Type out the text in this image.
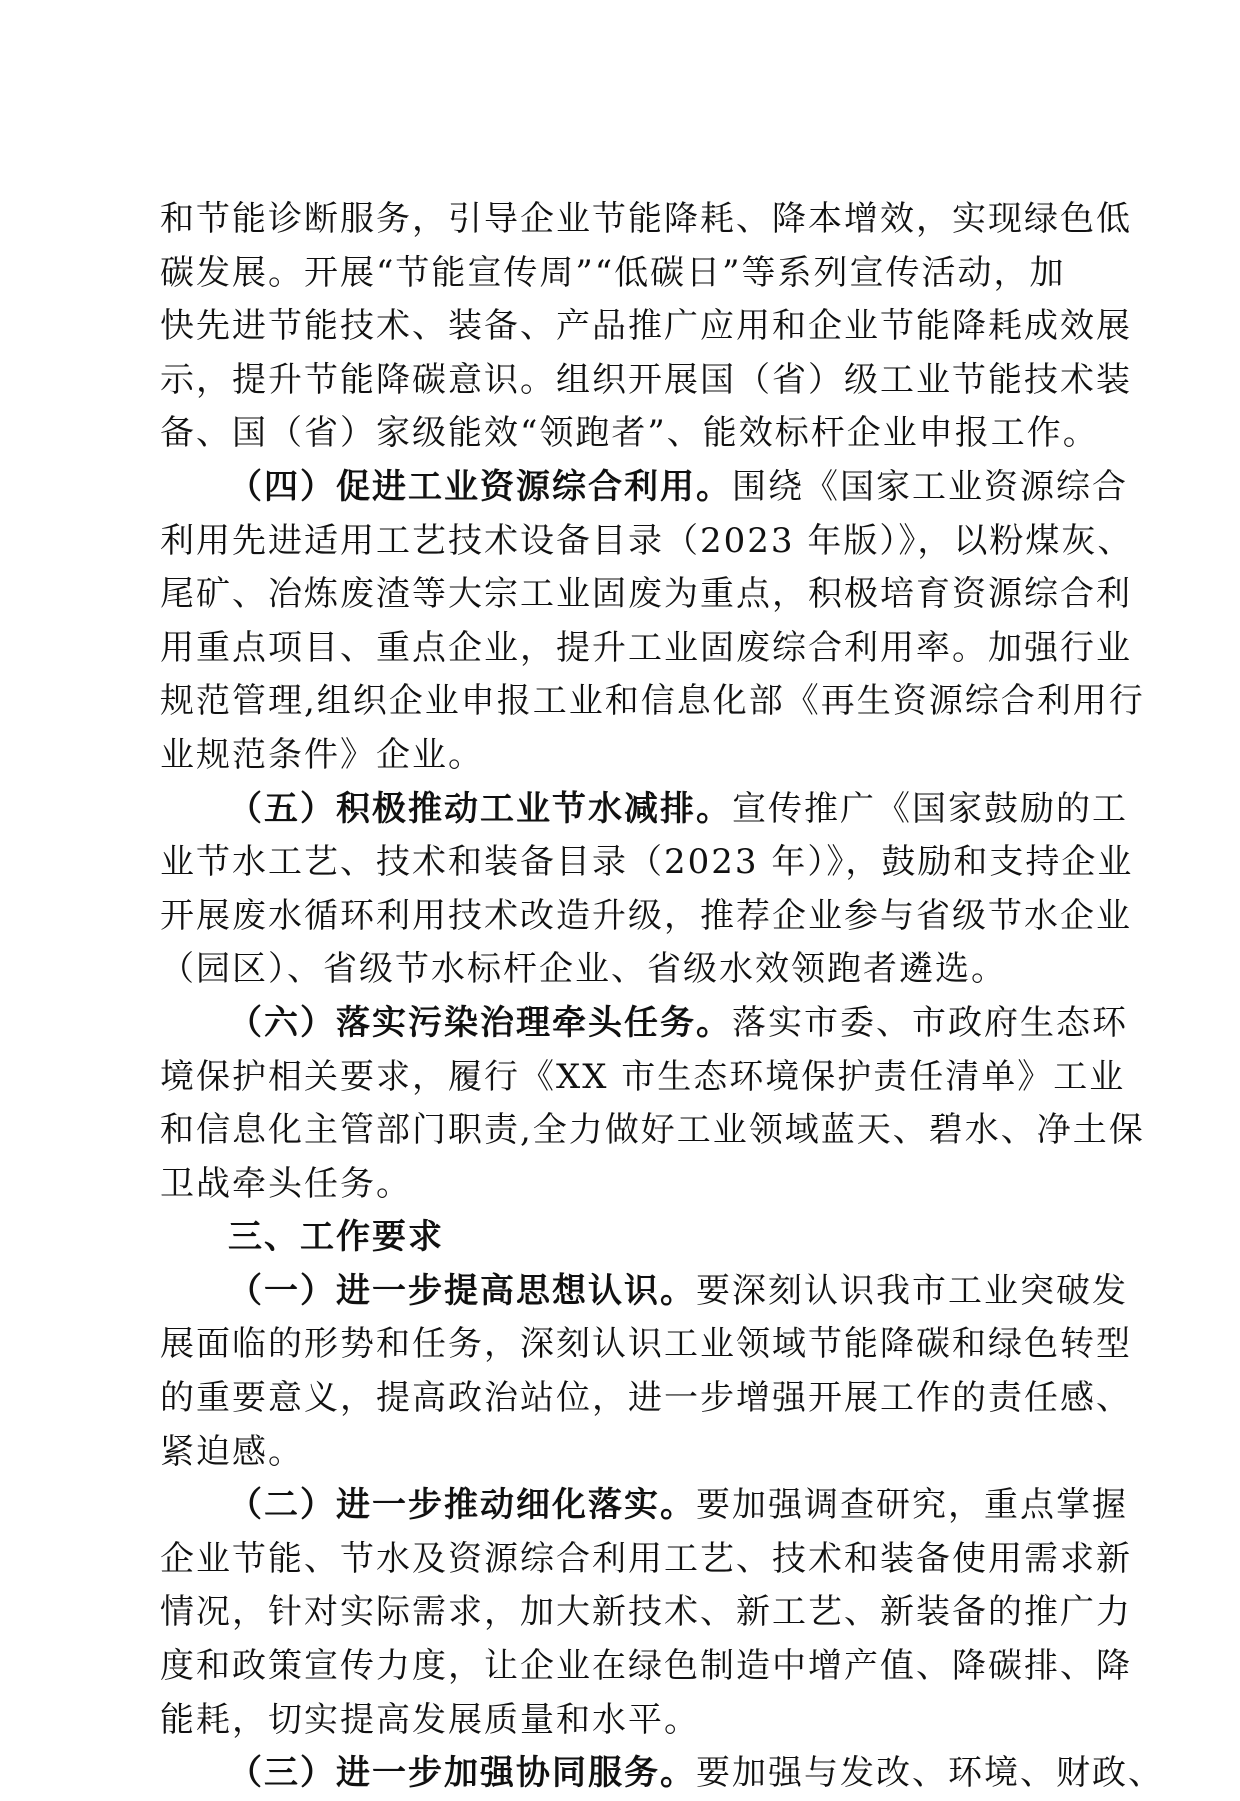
和节能诊断服务，引导企业节能降耗、降本增效，实现绿色低
碳发展。开展“节能宣传周”“低碳日”等系列宣传活动，加
快先进节能技术、装备、产品推广应用和企业节能降耗成效展
示，提升节能降碳意识。组织开展国（省）级工业节能技术装
备、国（省）家级能效“领跑者”、能效标杆企业申报工作。
（四）促进工业资源综合利用。围绕《国家工业资源综合
利用先进适用工艺技术设备目录（2023 年版）》，以粉煤灰、
尾矿、冶炼废渣等大宗工业固废为重点，积极培育资源综合利
用重点项目、重点企业，提升工业固废综合利用率。加强行业
规范管理,组织企业申报工业和信息化部《再生资源综合利用行
业规范条件》企业。
（五）积极推动工业节水减排。宣传推广《国家鼓励的工
业节水工艺、技术和装备目录（2023 年）》，鼓励和支持企业
开展废水循环利用技术改造升级，推荐企业参与省级节水企业
（园区）、省级节水标杆企业、省级水效领跑者遴选。
（六）落实污染治理牵头任务。落实市委、市政府生态环
境保护相关要求，履行《XX 市生态环境保护责任清单》工业
和信息化主管部门职责,全力做好工业领域蓝天、碧水、净土保
卫战牵头任务。
三、工作要求
（一）进一步提高思想认识。要深刻认识我市工业突破发
展面临的形势和任务，深刻认识工业领域节能降碳和绿色转型
的重要意义，提高政治站位，进一步增强开展工作的责任感、
紧迫感。
（二）进一步推动细化落实。要加强调查研究，重点掌握
企业节能、节水及资源综合利用工艺、技术和装备使用需求新
情况，针对实际需求，加大新技术、新工艺、新装备的推广力
度和政策宣传力度，让企业在绿色制造中增产值、降碳排、降
能耗，切实提高发展质量和水平。
（三）进一步加强协同服务。要加强与发改、环境、财政、
